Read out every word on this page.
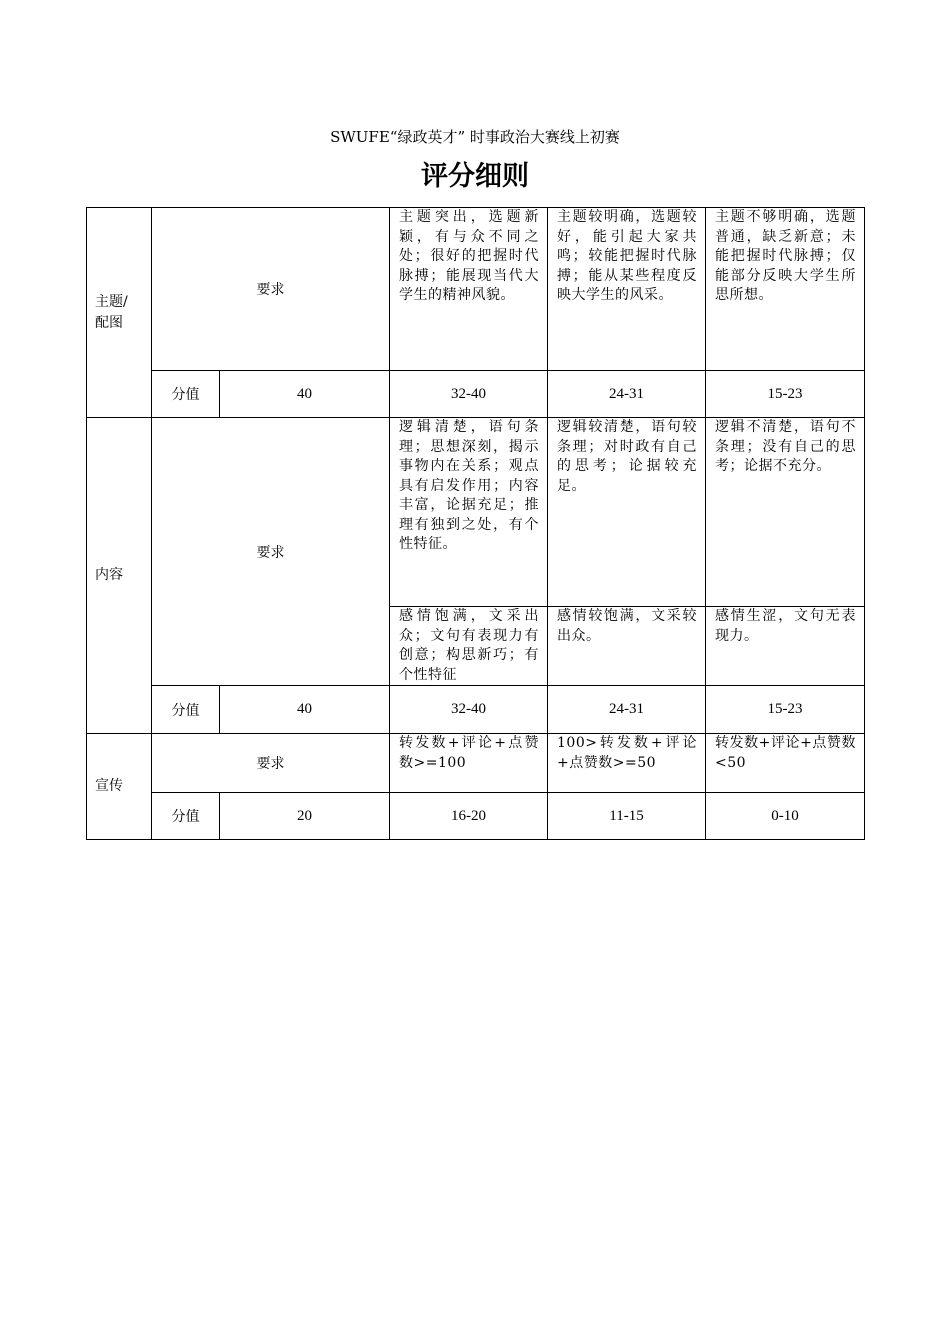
SWUFE“绿政英才” 时事政治大赛线上初赛
评分细则
主题/配图	要求		主题突出，选题新颖，有与众不同之处；很好的把握时代脉搏；能展现当代大学生的精神风貌。	主题较明确，选题较好，能引起大家共鸣；较能把握时代脉搏；能从某些程度反映大学生的风采。	主题不够明确，选题普通，缺乏新意；未能把握时代脉搏；仅能部分反映大学生所思所想。

	分值	40	32-40	24-31	15-23
内容	要求		逻辑清楚，语句条理；思想深刻，揭示事物内在关系；观点具有启发作用；内容丰富，论据充足；推理有独到之处，有个性特征。	逻辑较清楚，语句较条理；对时政有自己的思考；论据较充足。	逻辑不清楚，语句不条理；没有自己的思考；论据不充分。

			感情饱满，文采出众；文句有表现力有创意；构思新巧；有个性特征	感情较饱满，文采较出众。	感情生涩，文句无表现力。

	分值	40	32-40	24-31	15-23
宣传	要求		转发数+评论+点赞数>=100	100>转发数+评论+点赞数>=50	转发数+评论+点赞数<50

	分值	20	16-20	11-15	0-10
